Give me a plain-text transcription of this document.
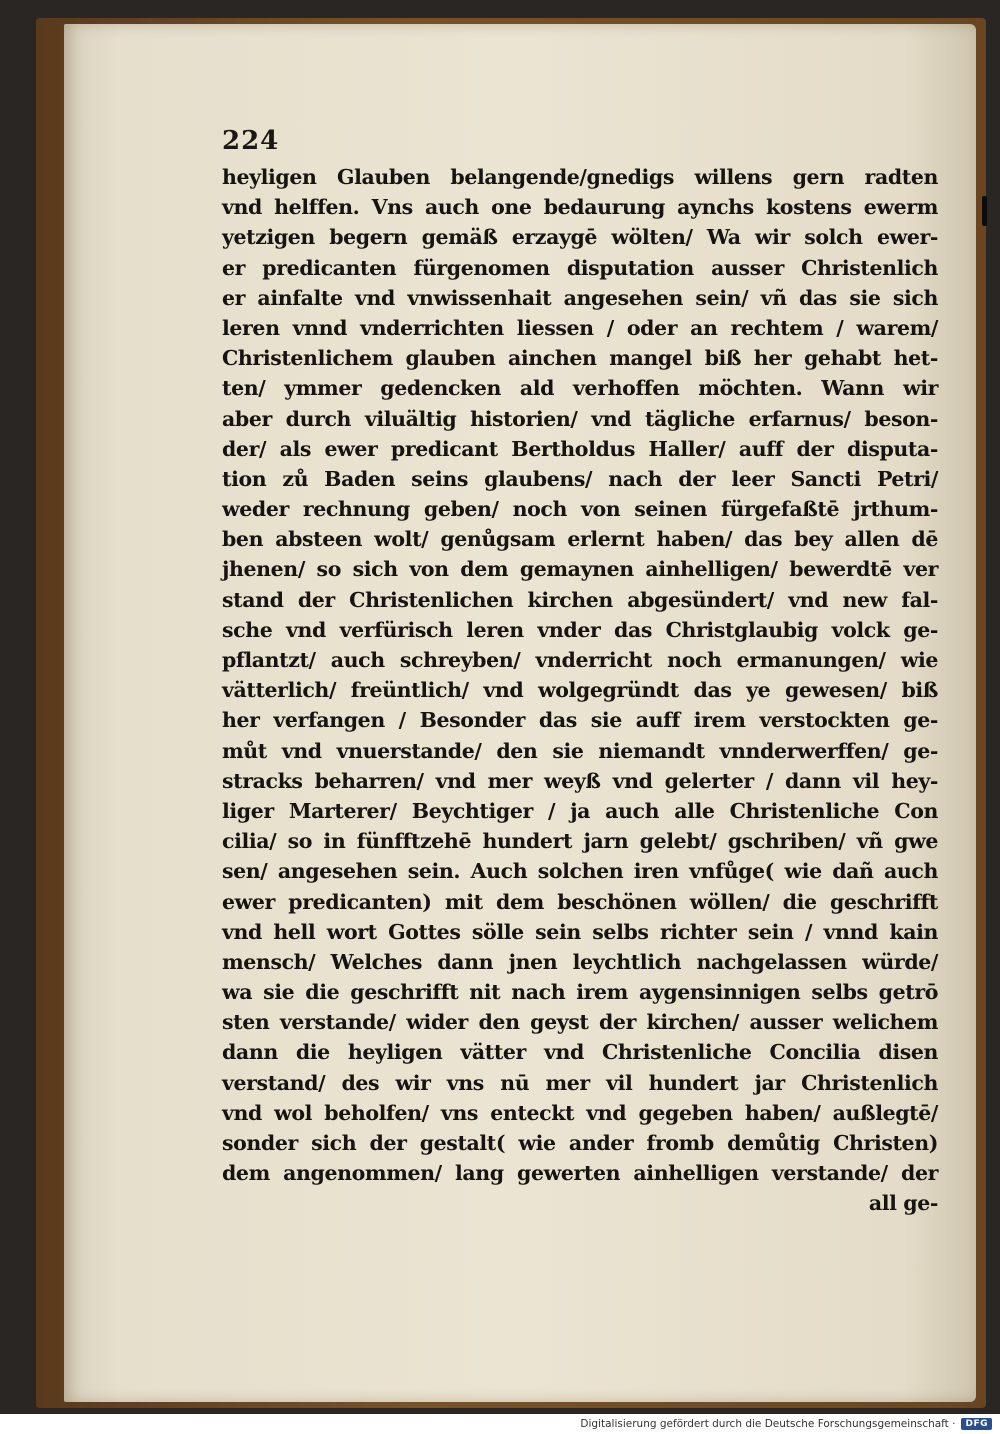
224

heyligen Glauben belangende/gnedigs willens gern radten
vnd helffen. Vns auch one bedaurung aynchs kostens ewerm
yetzigen begern gemäß erzaygē wölten/ Wa wir solch ewer‑
er predicanten fürgenomen disputation ausser Christenlich
er ainfalte vnd vnwissenhait angesehen sein/ vñ das sie sich
leren vnnd vnderrichten liessen / oder an rechtem / warem/
Christenlichem glauben ainchen mangel biß her gehabt het‑
ten/ ymmer gedencken ald verhoffen möchten. Wann wir
aber durch viluältig historien/ vnd tägliche erfarnus/ beson‑
der/ als ewer predicant Bertholdus Haller/ auff der disputa‑
tion zů Baden seins glaubens/ nach der leer Sancti Petri/
weder rechnung geben/ noch von seinen fürgefaßtē jrthum‑
ben absteen wolt/ genůgsam erlernt haben/ das bey allen dē
jhenen/ so sich von dem gemaynen ainhelligen/ bewerdtē ver
stand der Christenlichen kirchen abgesündert/ vnd new fal‑
sche vnd verfürisch leren vnder das Christglaubig volck ge‑
pflantzt/ auch schreyben/ vnderricht noch ermanungen/ wie
vätterlich/ freüntlich/ vnd wolgegründt das ye gewesen/ biß
her verfangen / Besonder das sie auff irem verstockten ge‑
můt vnd vnuerstande/ den sie niemandt vnnderwerffen/ ge‑
stracks beharren/ vnd mer weyß vnd gelerter / dann vil hey‑
liger Marterer/ Beychtiger / ja auch alle Christenliche Con
cilia/ so in fünfftzehē hundert jarn gelebt/ gschriben/ vñ gwe
sen/ angesehen sein. Auch solchen iren vnfůge( wie dañ auch
ewer predicanten) mit dem beschönen wöllen/ die geschrifft
vnd hell wort Gottes sölle sein selbs richter sein / vnnd kain
mensch/ Welches dann jnen leychtlich nachgelassen würde/
wa sie die geschrifft nit nach irem aygensinnigen selbs getrō
sten verstande/ wider den geyst der kirchen/ ausser welichem
dann die heyligen vätter vnd Christenliche Concilia disen
verstand/ des wir vns nū mer vil hundert jar Christenlich
vnd wol beholfen/ vns enteckt vnd gegeben haben/ außlegtē/
sonder sich der gestalt( wie ander fromb demůtig Christen)
dem angenommen/ lang gewerten ainhelligen verstande/ der
all ge‑
Digitalisierung gefördert durch die Deutsche Forschungsgemeinschaft ·	DFG
